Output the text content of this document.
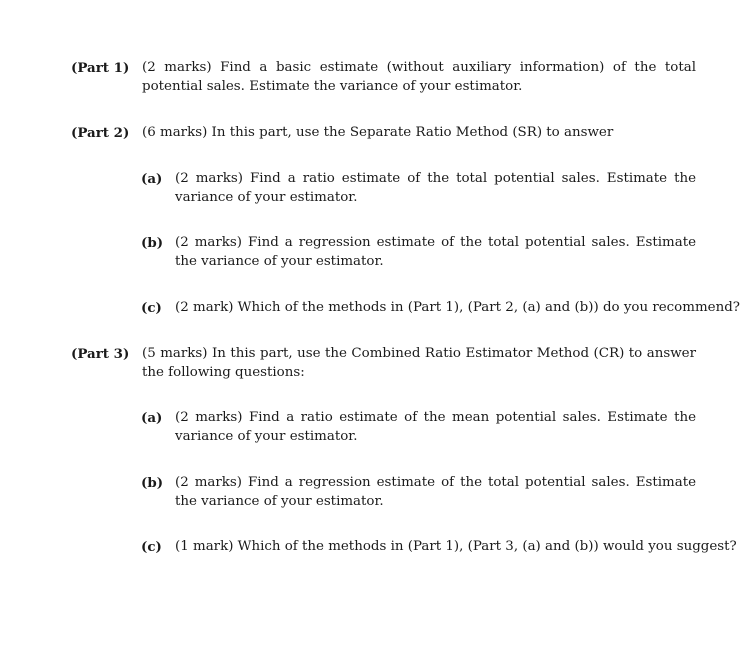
(Part 1) (2 marks) Find a basic estimate (without auxiliary information) of the total potential sales. Estimate the variance of your estimator.
(Part 2) (6 marks) In this part, use the Separate Ratio Method (SR) to answer
(a) (2 marks) Find a ratio estimate of the total potential sales. Estimate the variance of your estimator.
(b) (2 marks) Find a regression estimate of the total potential sales. Estimate the variance of your estimator.
(c) (2 mark) Which of the methods in (Part 1), (Part 2, (a) and (b)) do you recommend?
(Part 3) (5 marks) In this part, use the Combined Ratio Estimator Method (CR) to answer the following questions:
(a) (2 marks) Find a ratio estimate of the mean potential sales. Estimate the variance of your estimator.
(b) (2 marks) Find a regression estimate of the total potential sales. Estimate the variance of your estimator.
(c) (1 mark) Which of the methods in (Part 1), (Part 3, (a) and (b)) would you suggest?
